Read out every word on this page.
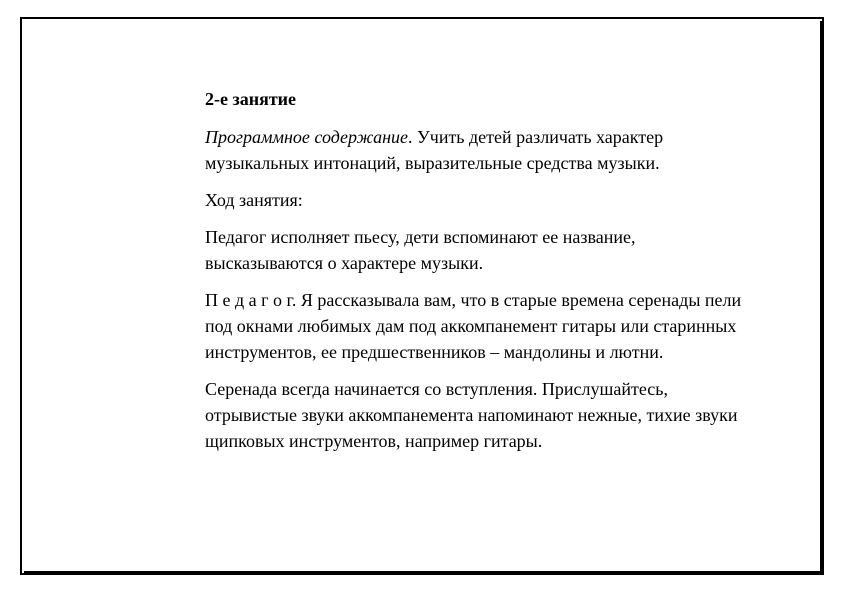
2-е занятие

Программное содержание. Учить детей различать характер музыкальных интонаций, выразительные средства музыки.

Ход занятия:

Педагог исполняет пьесу, дети вспоминают ее название, высказываются о характере музыки.

П е д а г о г. Я рассказывала вам, что в старые времена серенады пели под окнами любимых дам под аккомпанемент гитары или старинных инструментов, ее предшественников – мандолины и лютни.

Серенада всегда начинается со вступления. Прислушайтесь, отрывистые звуки аккомпанемента напоминают нежные, тихие звуки щипковых инструментов, например гитары.
